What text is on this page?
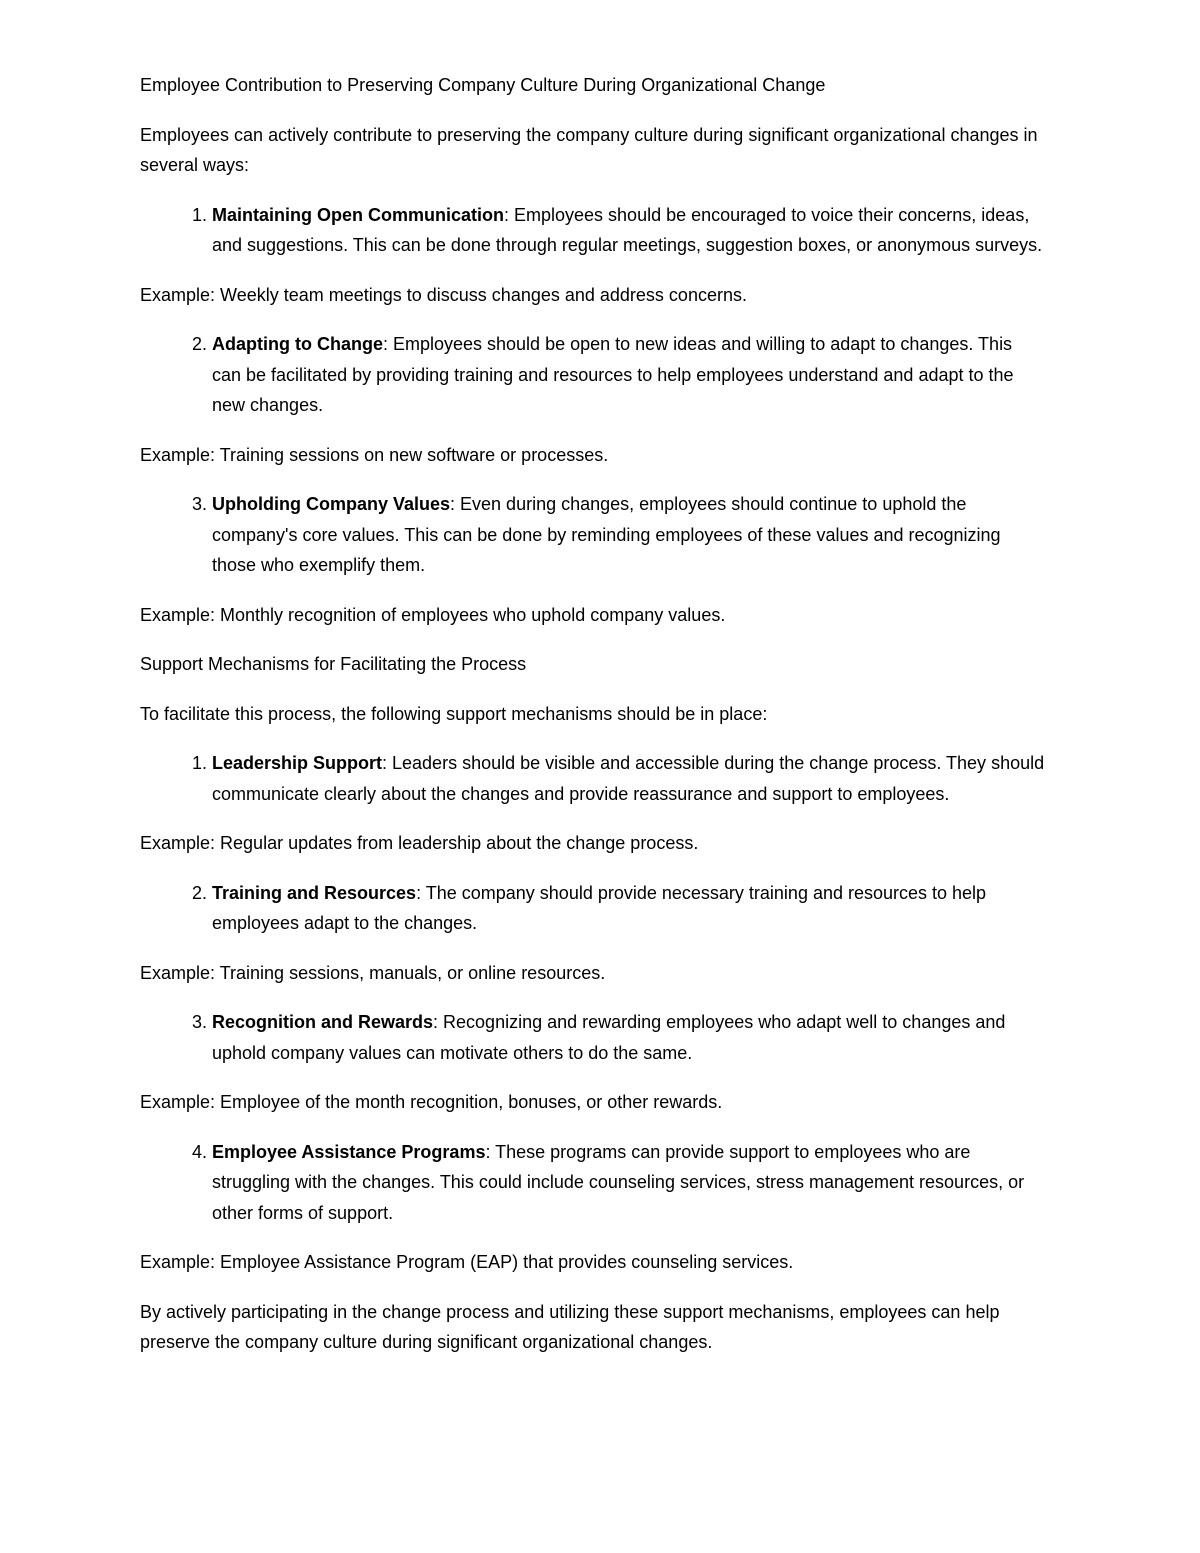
Employee Contribution to Preserving Company Culture During Organizational Change

Employees can actively contribute to preserving the company culture during significant organizational changes in several ways:

1. Maintaining Open Communication: Employees should be encouraged to voice their concerns, ideas, and suggestions. This can be done through regular meetings, suggestion boxes, or anonymous surveys.

Example: Weekly team meetings to discuss changes and address concerns.

2. Adapting to Change: Employees should be open to new ideas and willing to adapt to changes. This can be facilitated by providing training and resources to help employees understand and adapt to the new changes.

Example: Training sessions on new software or processes.

3. Upholding Company Values: Even during changes, employees should continue to uphold the company's core values. This can be done by reminding employees of these values and recognizing those who exemplify them.

Example: Monthly recognition of employees who uphold company values.

Support Mechanisms for Facilitating the Process

To facilitate this process, the following support mechanisms should be in place:

1. Leadership Support: Leaders should be visible and accessible during the change process. They should communicate clearly about the changes and provide reassurance and support to employees.

Example: Regular updates from leadership about the change process.

2. Training and Resources: The company should provide necessary training and resources to help employees adapt to the changes.

Example: Training sessions, manuals, or online resources.

3. Recognition and Rewards: Recognizing and rewarding employees who adapt well to changes and uphold company values can motivate others to do the same.

Example: Employee of the month recognition, bonuses, or other rewards.

4. Employee Assistance Programs: These programs can provide support to employees who are struggling with the changes. This could include counseling services, stress management resources, or other forms of support.

Example: Employee Assistance Program (EAP) that provides counseling services.

By actively participating in the change process and utilizing these support mechanisms, employees can help preserve the company culture during significant organizational changes.
